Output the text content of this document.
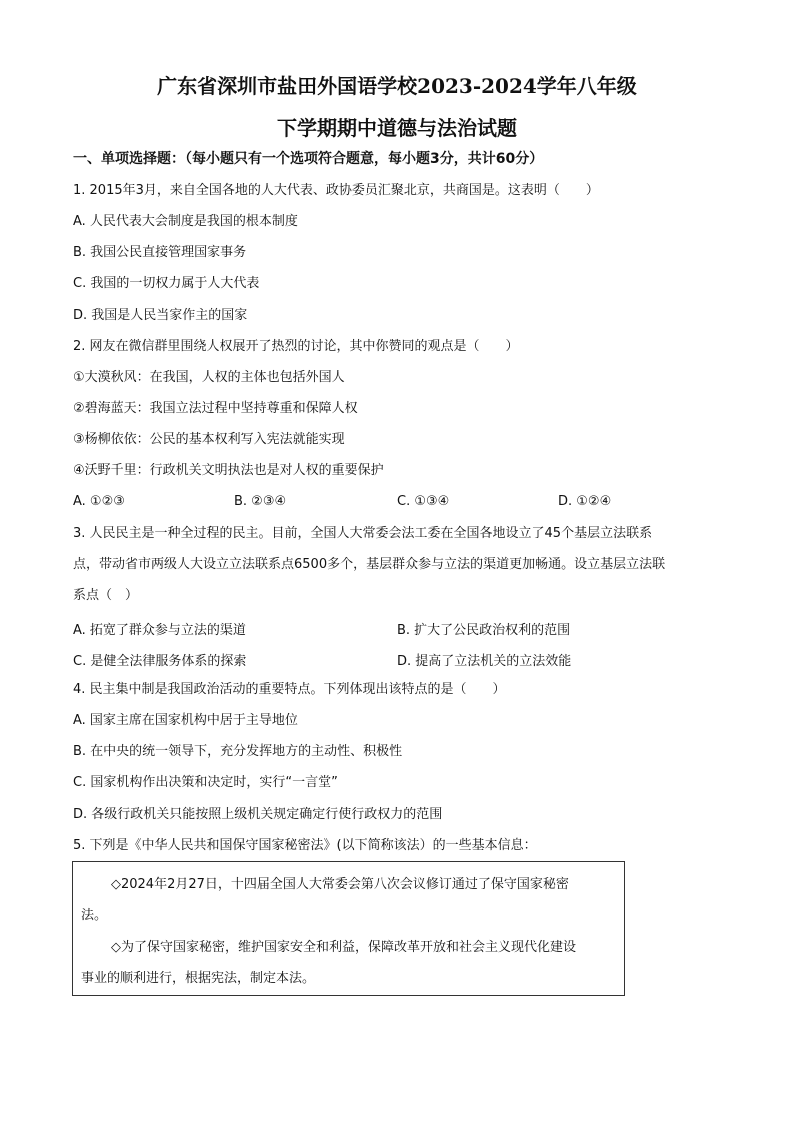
广东省深圳市盐田外国语学校2023-2024学年八年级
下学期期中道德与法治试题
一、单项选择题：（每小题只有一个选项符合题意，每小题3分，共计60分）
1. 2015年3月，来自全国各地的人大代表、政协委员汇聚北京，共商国是。这表明（　　）
A. 人民代表大会制度是我国的根本制度
B. 我国公民直接管理国家事务
C. 我国的一切权力属于人大代表
D. 我国是人民当家作主的国家
2. 网友在微信群里围绕人权展开了热烈的讨论，其中你赞同的观点是（　　）
①大漠秋风：在我国，人权的主体也包括外国人
②碧海蓝天：我国立法过程中坚持尊重和保障人权
③杨柳依依：公民的基本权利写入宪法就能实现
④沃野千里：行政机关文明执法也是对人权的重要保护
A. ①②③	B. ②③④	C. ①③④	D. ①②④
3. 人民民主是一种全过程的民主。目前，全国人大常委会法工委在全国各地设立了45个基层立法联系
点，带动省市两级人大设立立法联系点6500多个，基层群众参与立法的渠道更加畅通。设立基层立法联
系点（　）
A. 拓宽了群众参与立法的渠道	B. 扩大了公民政治权利的范围
C. 是健全法律服务体系的探索	D. 提高了立法机关的立法效能
4. 民主集中制是我国政治活动的重要特点。下列体现出该特点的是（　　）
A. 国家主席在国家机构中居于主导地位
B. 在中央的统一领导下，充分发挥地方的主动性、积极性
C. 国家机构作出决策和决定时，实行“一言堂”
D. 各级行政机关只能按照上级机关规定确定行使行政权力的范围
5. 下列是《中华人民共和国保守国家秘密法》(以下简称该法）的一些基本信息：
◇2024年2月27日，十四届全国人大常委会第八次会议修订通过了保守国家秘密
法。
◇为了保守国家秘密，维护国家安全和利益，保障改革开放和社会主义现代化建设
事业的顺利进行，根据宪法，制定本法。
